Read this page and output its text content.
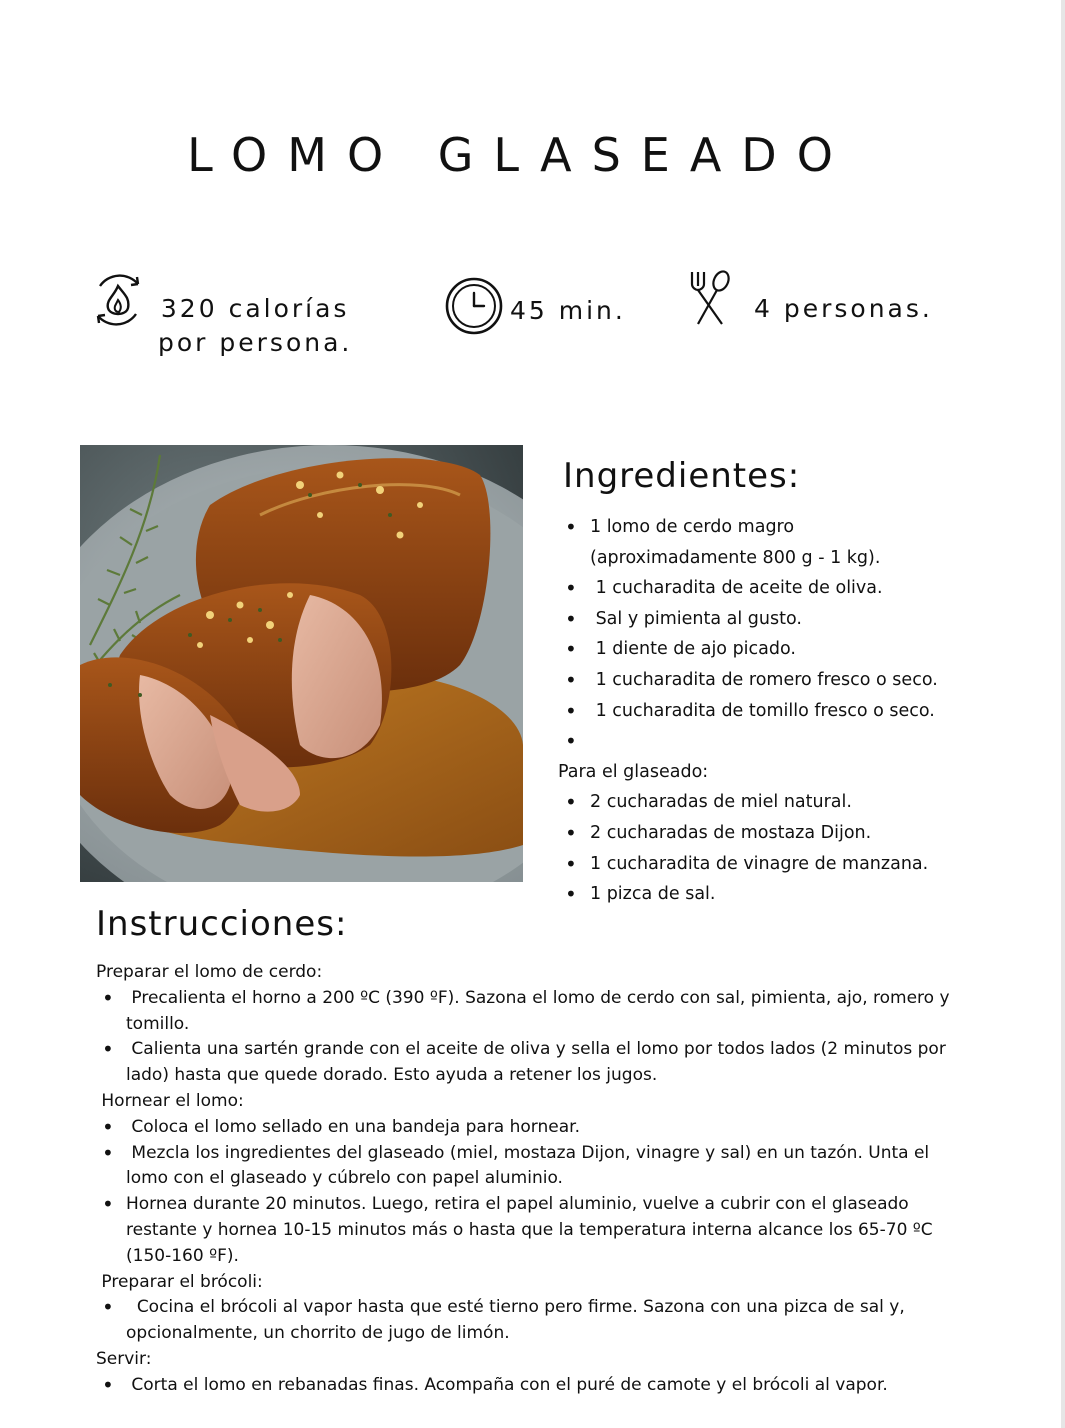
LOMO GLASEADO
320 calorías
por persona.
45 min.	4 personas.
Ingredientes:
• 1 lomo de cerdo magro
(aproximadamente 800 g - 1 kg).
•  1 cucharadita de aceite de oliva.
•  Sal y pimienta al gusto.
•  1 diente de ajo picado.
•  1 cucharadita de romero fresco o seco.
•  1 cucharadita de tomillo fresco o seco.
•
Para el glaseado:
• 2 cucharadas de miel natural.
• 2 cucharadas de mostaza Dijon.
• 1 cucharadita de vinagre de manzana.
• 1 pizca de sal.
Instrucciones:
Preparar el lomo de cerdo:
•  Precalienta el horno a 200 ºC (390 ºF). Sazona el lomo de cerdo con sal, pimienta, ajo, romero y tomillo.
•  Calienta una sartén grande con el aceite de oliva y sella el lomo por todos lados (2 minutos por lado) hasta que quede dorado. Esto ayuda a retener los jugos.
Hornear el lomo:
•  Coloca el lomo sellado en una bandeja para hornear.
•  Mezcla los ingredientes del glaseado (miel, mostaza Dijon, vinagre y sal) en un tazón. Unta el lomo con el glaseado y cúbrelo con papel aluminio.
• Hornea durante 20 minutos. Luego, retira el papel aluminio, vuelve a cubrir con el glaseado restante y hornea 10-15 minutos más o hasta que la temperatura interna alcance los 65-70 ºC (150-160 ºF).
Preparar el brócoli:
•   Cocina el brócoli al vapor hasta que esté tierno pero firme. Sazona con una pizca de sal y, opcionalmente, un chorrito de jugo de limón.
Servir:
•  Corta el lomo en rebanadas finas. Acompaña con el puré de camote y el brócoli al vapor.
